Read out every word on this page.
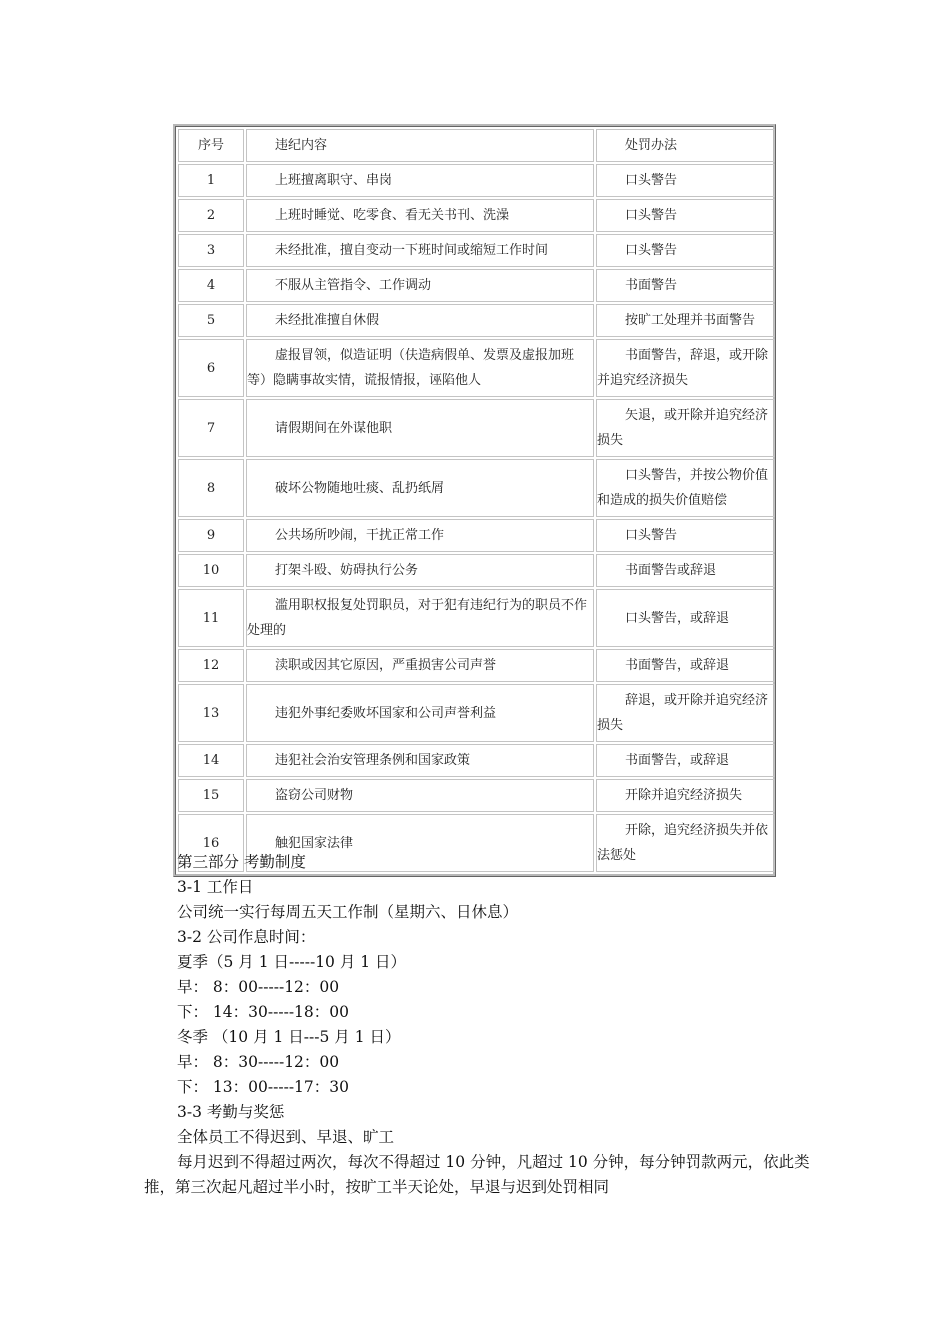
序号	违纪内容	处罚办法
1	上班擅离职守、串岗	口头警告
2	上班时睡觉、吃零食、看无关书刊、洗澡	口头警告
3	未经批准，擅自变动一下班时间或缩短工作时间	口头警告
4	不服从主管指令、工作调动	书面警告
5	未经批准擅自休假	按旷工处理并书面警告
6	虚报冒领，似造证明（伕造病假单、发票及虚报加班等）隐瞒事故实情，谎报情报，诬陷他人	书面警告，辞退，或开除并追究经济损失
7	请假期间在外谋他职	矢退，或开除并追究经济损失
8	破坏公物随地吐痰、乱扔纸屑	口头警告，并按公物价值和造成的损失价值赔偿
9	公共场所吵闹，干扰正常工作	口头警告
10	打架斗殴、妨碍执行公务	书面警告或辞退
11	滥用职权报复处罚职员，对于犯有违纪行为的职员不作处理的	口头警告，或辞退
12	渎职或因其它原因，严重损害公司声誉	书面警告，或辞退
13	违犯外事纪委败坏国家和公司声誉利益	辞退，或开除并追究经济损失
14	违犯社会治安管理条例和国家政策	书面警告，或辞退
15	盗窃公司财物	开除并追究经济损失
16	触犯国家法律	开除，追究经济损失并依法惩处

第三部分 考勤制度

3-1 工作日

公司统一实行每周五天工作制（星期六、日休息）

3-2 公司作息时间：

夏季（5 月 1 日-----10 月 1 日）

早： 8：00-----12：00

下： 14：30-----18：00

冬季 （10 月 1 日---5 月 1 日）

早： 8：30-----12：00

下： 13：00-----17：30

3-3 考勤与奖惩

全体员工不得迟到、早退、旷工

每月迟到不得超过两次，每次不得超过 10 分钟，凡超过 10 分钟，每分钟罚款两元，依此类推，第三次起凡超过半小时，按旷工半天论处，早退与迟到处罚相同
